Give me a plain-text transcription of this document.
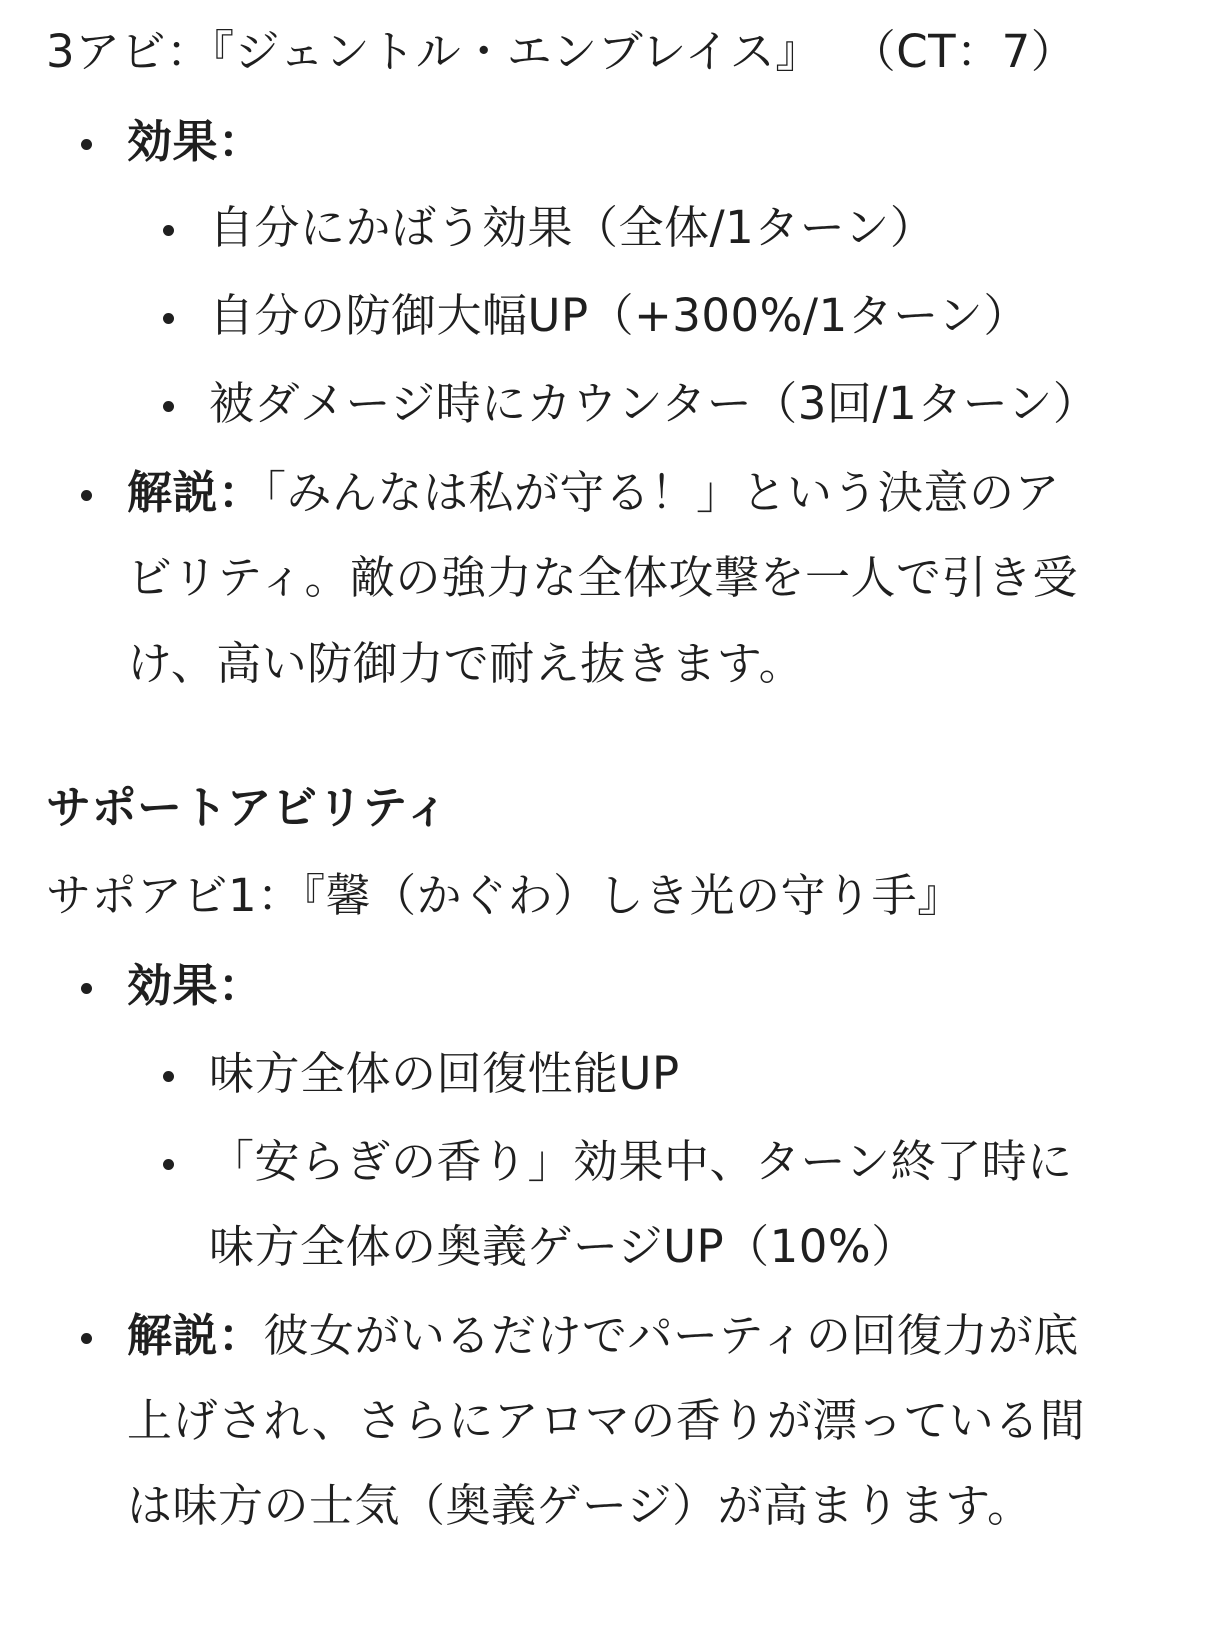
3アビ：『ジェントル・エンブレイス』 （CT：7）
効果：
自分にかばう効果（全体/1ターン）
自分の防御大幅UP（+300%/1ターン）
被ダメージ時にカウンター（3回/1ターン）
解説：「みんなは私が守る！」という決意のア
ビリティ。敵の強力な全体攻撃を一人で引き受
け、高い防御力で耐え抜きます。
サポートアビリティ
サポアビ1：『馨（かぐわ）しき光の守り手』
効果：
味方全体の回復性能UP
「安らぎの香り」効果中、ターン終了時に
味方全体の奥義ゲージUP（10%）
解説：彼女がいるだけでパーティの回復力が底
上げされ、さらにアロマの香りが漂っている間
は味方の士気（奥義ゲージ）が高まります。
